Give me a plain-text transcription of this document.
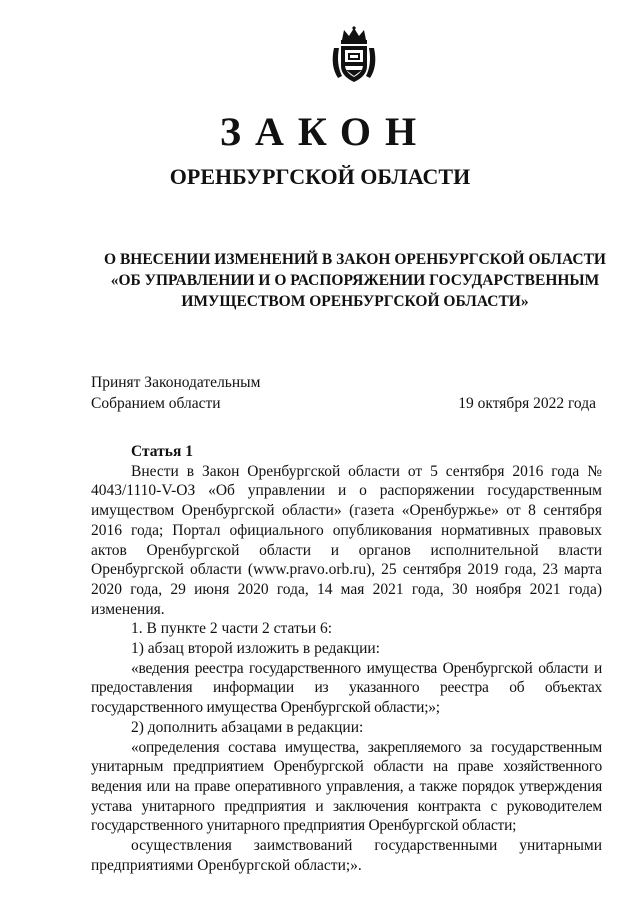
ЗАКОН
ОРЕНБУРГСКОЙ ОБЛАСТИ
О ВНЕСЕНИИ ИЗМЕНЕНИЙ В ЗАКОН ОРЕНБУРГСКОЙ ОБЛАСТИ
«ОБ УПРАВЛЕНИИ И О РАСПОРЯЖЕНИИ ГОСУДАРСТВЕННЫМ
ИМУЩЕСТВОМ ОРЕНБУРГСКОЙ ОБЛАСТИ»
Принят Законодательным
Собранием области	19 октября 2022 года

Статья 1

Внести в Закон Оренбургской области от 5 сентября 2016 года № 4043/1110-V-ОЗ «Об управлении и о распоряжении государственным имуществом Оренбургской области» (газета «Оренбуржье» от 8 сентября 2016 года; Портал официального опубликования нормативных правовых актов Оренбургской области и органов исполнительной власти Оренбургской области (www.pravo.orb.ru), 25 сентября 2019 года, 23 марта 2020 года, 29 июня 2020 года, 14 мая 2021 года, 30 ноября 2021 года) изменения.

1. В пункте 2 части 2 статьи 6:

1) абзац второй изложить в редакции:

«ведения реестра государственного имущества Оренбургской области и предоставления информации из указанного реестра об объектах государственного имущества Оренбургской области;»;

2) дополнить абзацами в редакции:

«определения состава имущества, закрепляемого за государственным унитарным предприятием Оренбургской области на праве хозяйственного ведения или на праве оперативного управления, а также порядок утверждения устава унитарного предприятия и заключения контракта с руководителем государственного унитарного предприятия Оренбургской области;

осуществления заимствований государственными унитарными предприятиями Оренбургской области;».
